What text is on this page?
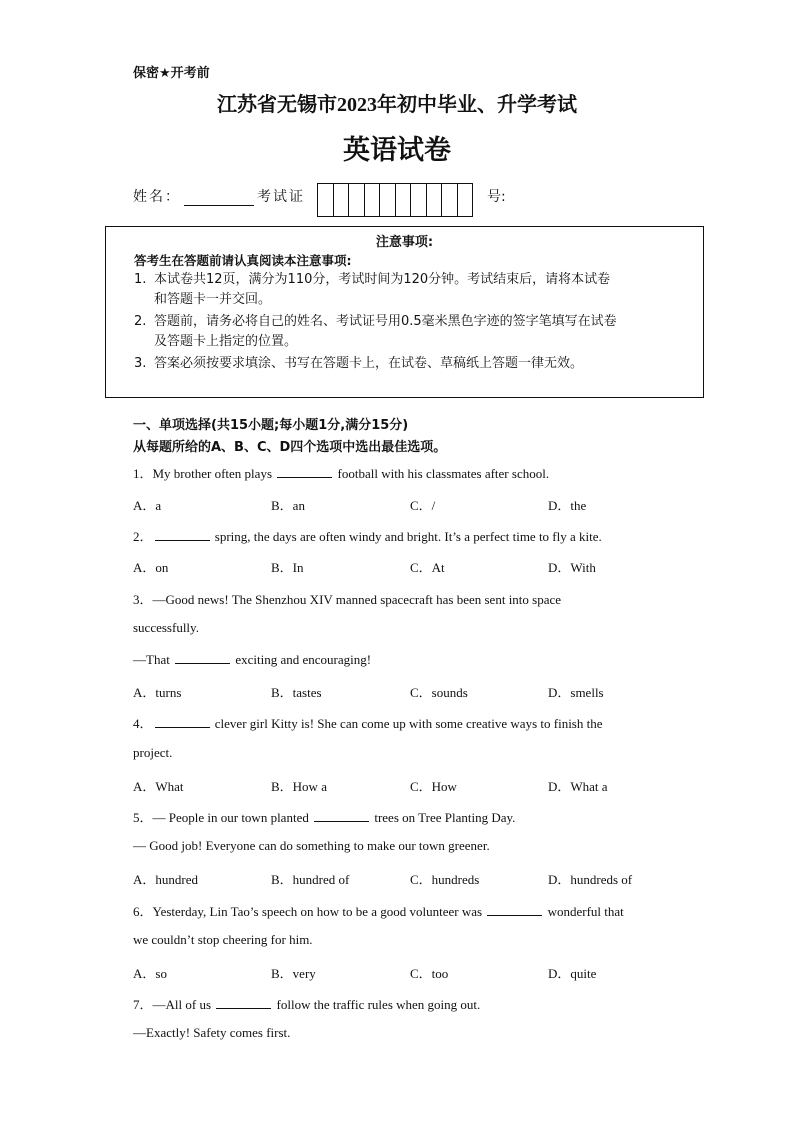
保密★开考前
江苏省无锡市2023年初中毕业、升学考试
英语试卷
姓名：	考试证	号:
注意事项:
答考生在答题前请认真阅读本注意事项:
1. 本试卷共12页，满分为110分，考试时间为120分钟。考试结束后，请将本试卷
和答题卡一并交回。
2. 答题前，请务必将自己的姓名、考试证号用0.5毫米黑色字迹的签字笔填写在试卷
及答题卡上指定的位置。
3. 答案必须按要求填涂、书写在答题卡上，在试卷、草稿纸上答题一律无效。
一、单项选择(共15小题;每小题1分,满分15分)
从每题所给的A、B、C、D四个选项中选出最佳选项。
1．My brother often plays	football with his classmates after school.
A．a	B．an	C．/	D．the
2．	spring, the days are often windy and bright. It’s a perfect time to fly a kite.
A．on	B．In	C．At	D．With
3．—Good news! The Shenzhou XIV manned spacecraft has been sent into space
successfully.
—That	exciting and encouraging!
A．turns	B．tastes	C．sounds	D．smells
4．	clever girl Kitty is! She can come up with some creative ways to finish the
project.
A．What	B．How a	C．How	D．What a
5．— People in our town planted	trees on Tree Planting Day.
— Good job! Everyone can do something to make our town greener.
A．hundred	B．hundred of	C．hundreds	D．hundreds of
6．Yesterday, Lin Tao’s speech on how to be a good volunteer was	wonderful that
we couldn’t stop cheering for him.
A．so	B．very	C．too	D．quite
7．—All of us	follow the traffic rules when going out.
—Exactly! Safety comes first.
